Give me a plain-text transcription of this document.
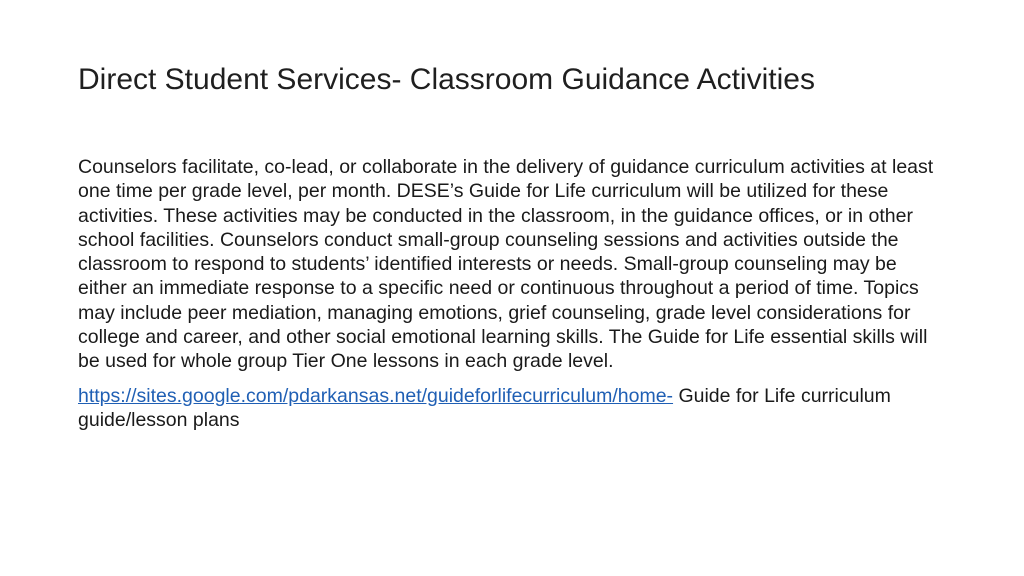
Direct Student Services- Classroom Guidance Activities

Counselors facilitate, co-lead, or collaborate in the delivery of guidance curriculum activities at least one time per grade level, per month. DESE’s Guide for Life curriculum will be utilized for these activities. These activities may be conducted in the classroom, in the guidance offices, or in other school facilities. Counselors conduct small-group counseling sessions and activities outside the classroom to respond to students’ identified interests or needs. Small-group counseling may be either an immediate response to a specific need or continuous throughout a period of time. Topics may include peer mediation, managing emotions, grief counseling, grade level considerations for college and career, and other social emotional learning skills. The Guide for Life essential skills will be used for whole group Tier One lessons in each grade level.

https://sites.google.com/pdarkansas.net/guideforlifecurriculum/home- Guide for Life curriculum guide/lesson plans
